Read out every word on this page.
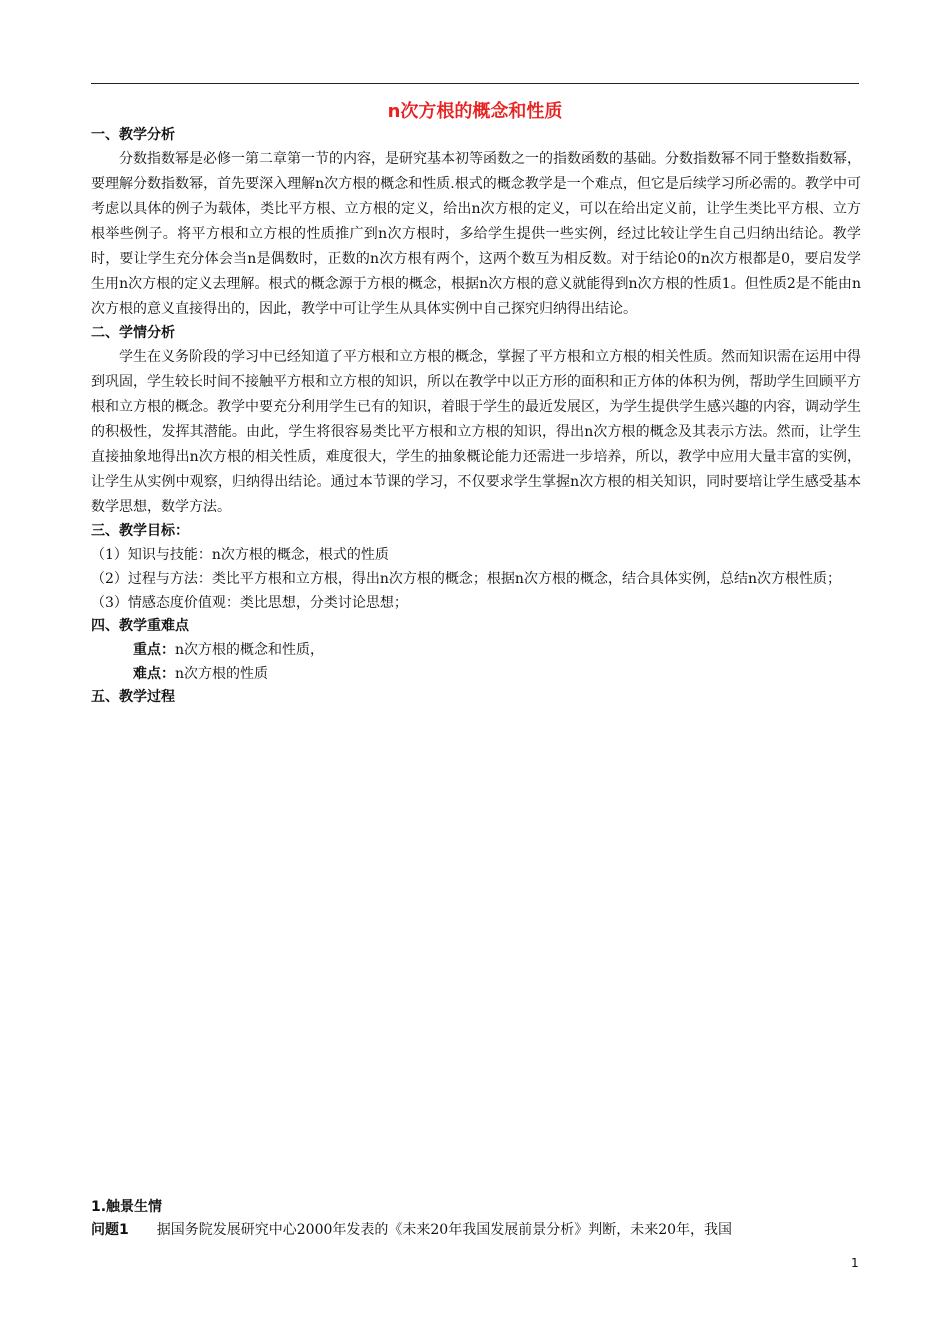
n次方根的概念和性质

一、教学分析

分数指数幂是必修一第二章第一节的内容，是研究基本初等函数之一的指数函数的基础。分数指数幂不同于整数指数幂，要理解分数指数幂，首先要深入理解n次方根的概念和性质.根式的概念教学是一个难点，但它是后续学习所必需的。教学中可考虑以具体的例子为载体，类比平方根、立方根的定义，给出n次方根的定义，可以在给出定义前，让学生类比平方根、立方根举些例子。将平方根和立方根的性质推广到n次方根时，多给学生提供一些实例，经过比较让学生自己归纳出结论。教学时，要让学生充分体会当n是偶数时，正数的n次方根有两个，这两个数互为相反数。对于结论0的n次方根都是0，要启发学生用n次方根的定义去理解。根式的概念源于方根的概念，根据n次方根的意义就能得到n次方根的性质1。但性质2是不能由n次方根的意义直接得出的，因此，教学中可让学生从具体实例中自己探究归纳得出结论。

二、学情分析

学生在义务阶段的学习中已经知道了平方根和立方根的概念，掌握了平方根和立方根的相关性质。然而知识需在运用中得到巩固，学生较长时间不接触平方根和立方根的知识，所以在教学中以正方形的面积和正方体的体积为例，帮助学生回顾平方根和立方根的概念。教学中要充分利用学生已有的知识，着眼于学生的最近发展区，为学生提供学生感兴趣的内容，调动学生的积极性，发挥其潜能。由此，学生将很容易类比平方根和立方根的知识，得出n次方根的概念及其表示方法。然而，让学生直接抽象地得出n次方根的相关性质，难度很大，学生的抽象概论能力还需进一步培养，所以，教学中应用大量丰富的实例，让学生从实例中观察，归纳得出结论。通过本节课的学习，不仅要求学生掌握n次方根的相关知识，同时要培让学生感受基本数学思想，数学方法。

三、教学目标：

（1）知识与技能：n次方根的概念，根式的性质

（2）过程与方法：类比平方根和立方根，得出n次方根的概念；根据n次方根的概念，结合具体实例，总结n次方根性质；

（3）情感态度价值观：类比思想，分类讨论思想；

四、教学重难点

重点：n次方根的概念和性质，

难点：n次方根的性质

五、教学过程

1.触景生情

问题1 据国务院发展研究中心2000年发表的《未来20年我国发展前景分析》判断，未来20年，我国

1
